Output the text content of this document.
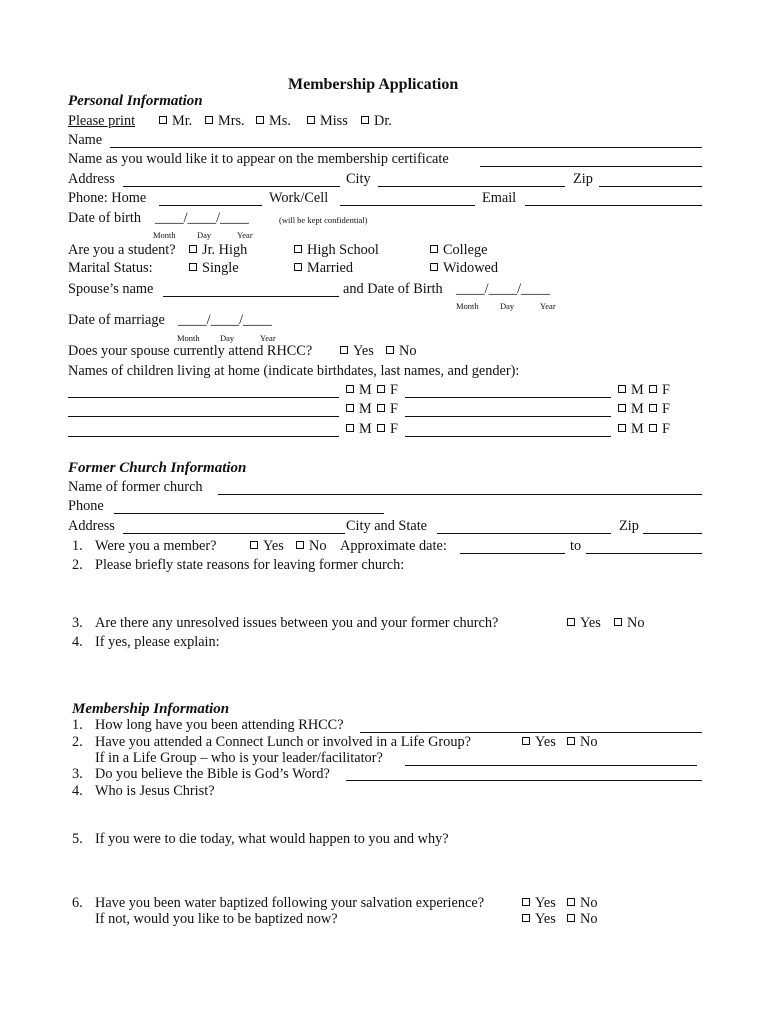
Membership Application
Personal Information
Please print	Mr.	Mrs.	Ms.	Miss	Dr.
Name
Name as you would like it to appear on the membership certificate
Address	City	Zip
Phone: Home	Work/Cell	Email
Date of birth ____/____/____	(will be kept confidential)
Month	Day	Year
Are you a student?	Jr. High	High School	College
Marital Status:	Single	Married	Widowed
Spouse’s name	and Date of Birth ____/____/____
Month	Day	Year
Date of marriage ____/____/____
Month Day	Year
Does your spouse currently attend RHCC?	Yes	No
Names of children living at home (indicate birthdates, last names, and gender):
M	F	M	F
M	F	M	F
M	F	M	F
Former Church Information
Name of former church
Phone
Address	City and State	Zip
1. Were you a member?	Yes	No Approximate date:	to
2. Please briefly state reasons for leaving former church:
3. Are there any unresolved issues between you and your former church?	Yes	No
4. If yes, please explain:
Membership Information
1. How long have you been attending RHCC?
2. Have you attended a Connect Lunch or involved in a Life Group?	Yes	No
If in a Life Group – who is your leader/facilitator?
3. Do you believe the Bible is God’s Word?
4. Who is Jesus Christ?
5. If you were to die today, what would happen to you and why?
6. Have you been water baptized following your salvation experience?	Yes	No
If not, would you like to be baptized now?	Yes	No
